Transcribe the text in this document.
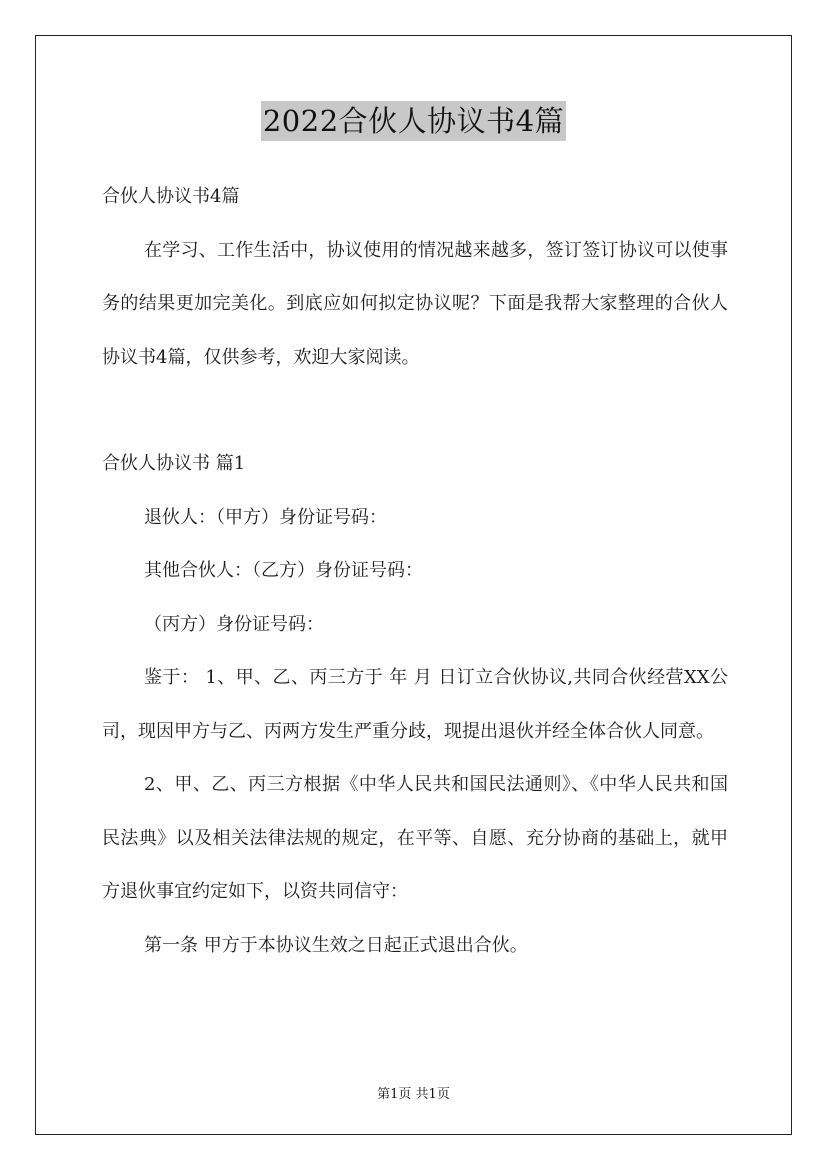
2022合伙人协议书4篇

合伙人协议书4篇

在学习、工作生活中，协议使用的情况越来越多，签订签订协议可以使事务的结果更加完美化。到底应如何拟定协议呢？下面是我帮大家整理的合伙人协议书4篇，仅供参考，欢迎大家阅读。

合伙人协议书 篇1

退伙人：（甲方）身份证号码：

其他合伙人：（乙方）身份证号码：

（丙方）身份证号码：

鉴于： 1、甲、乙、丙三方于 年 月 日订立合伙协议,共同合伙经营XX公司，现因甲方与乙、丙两方发生严重分歧，现提出退伙并经全体合伙人同意。

2、甲、乙、丙三方根据《中华人民共和国民法通则》、《中华人民共和国民法典》以及相关法律法规的规定，在平等、自愿、充分协商的基础上，就甲方退伙事宜约定如下，以资共同信守：

第一条 甲方于本协议生效之日起正式退出合伙。

第1页 共1页
